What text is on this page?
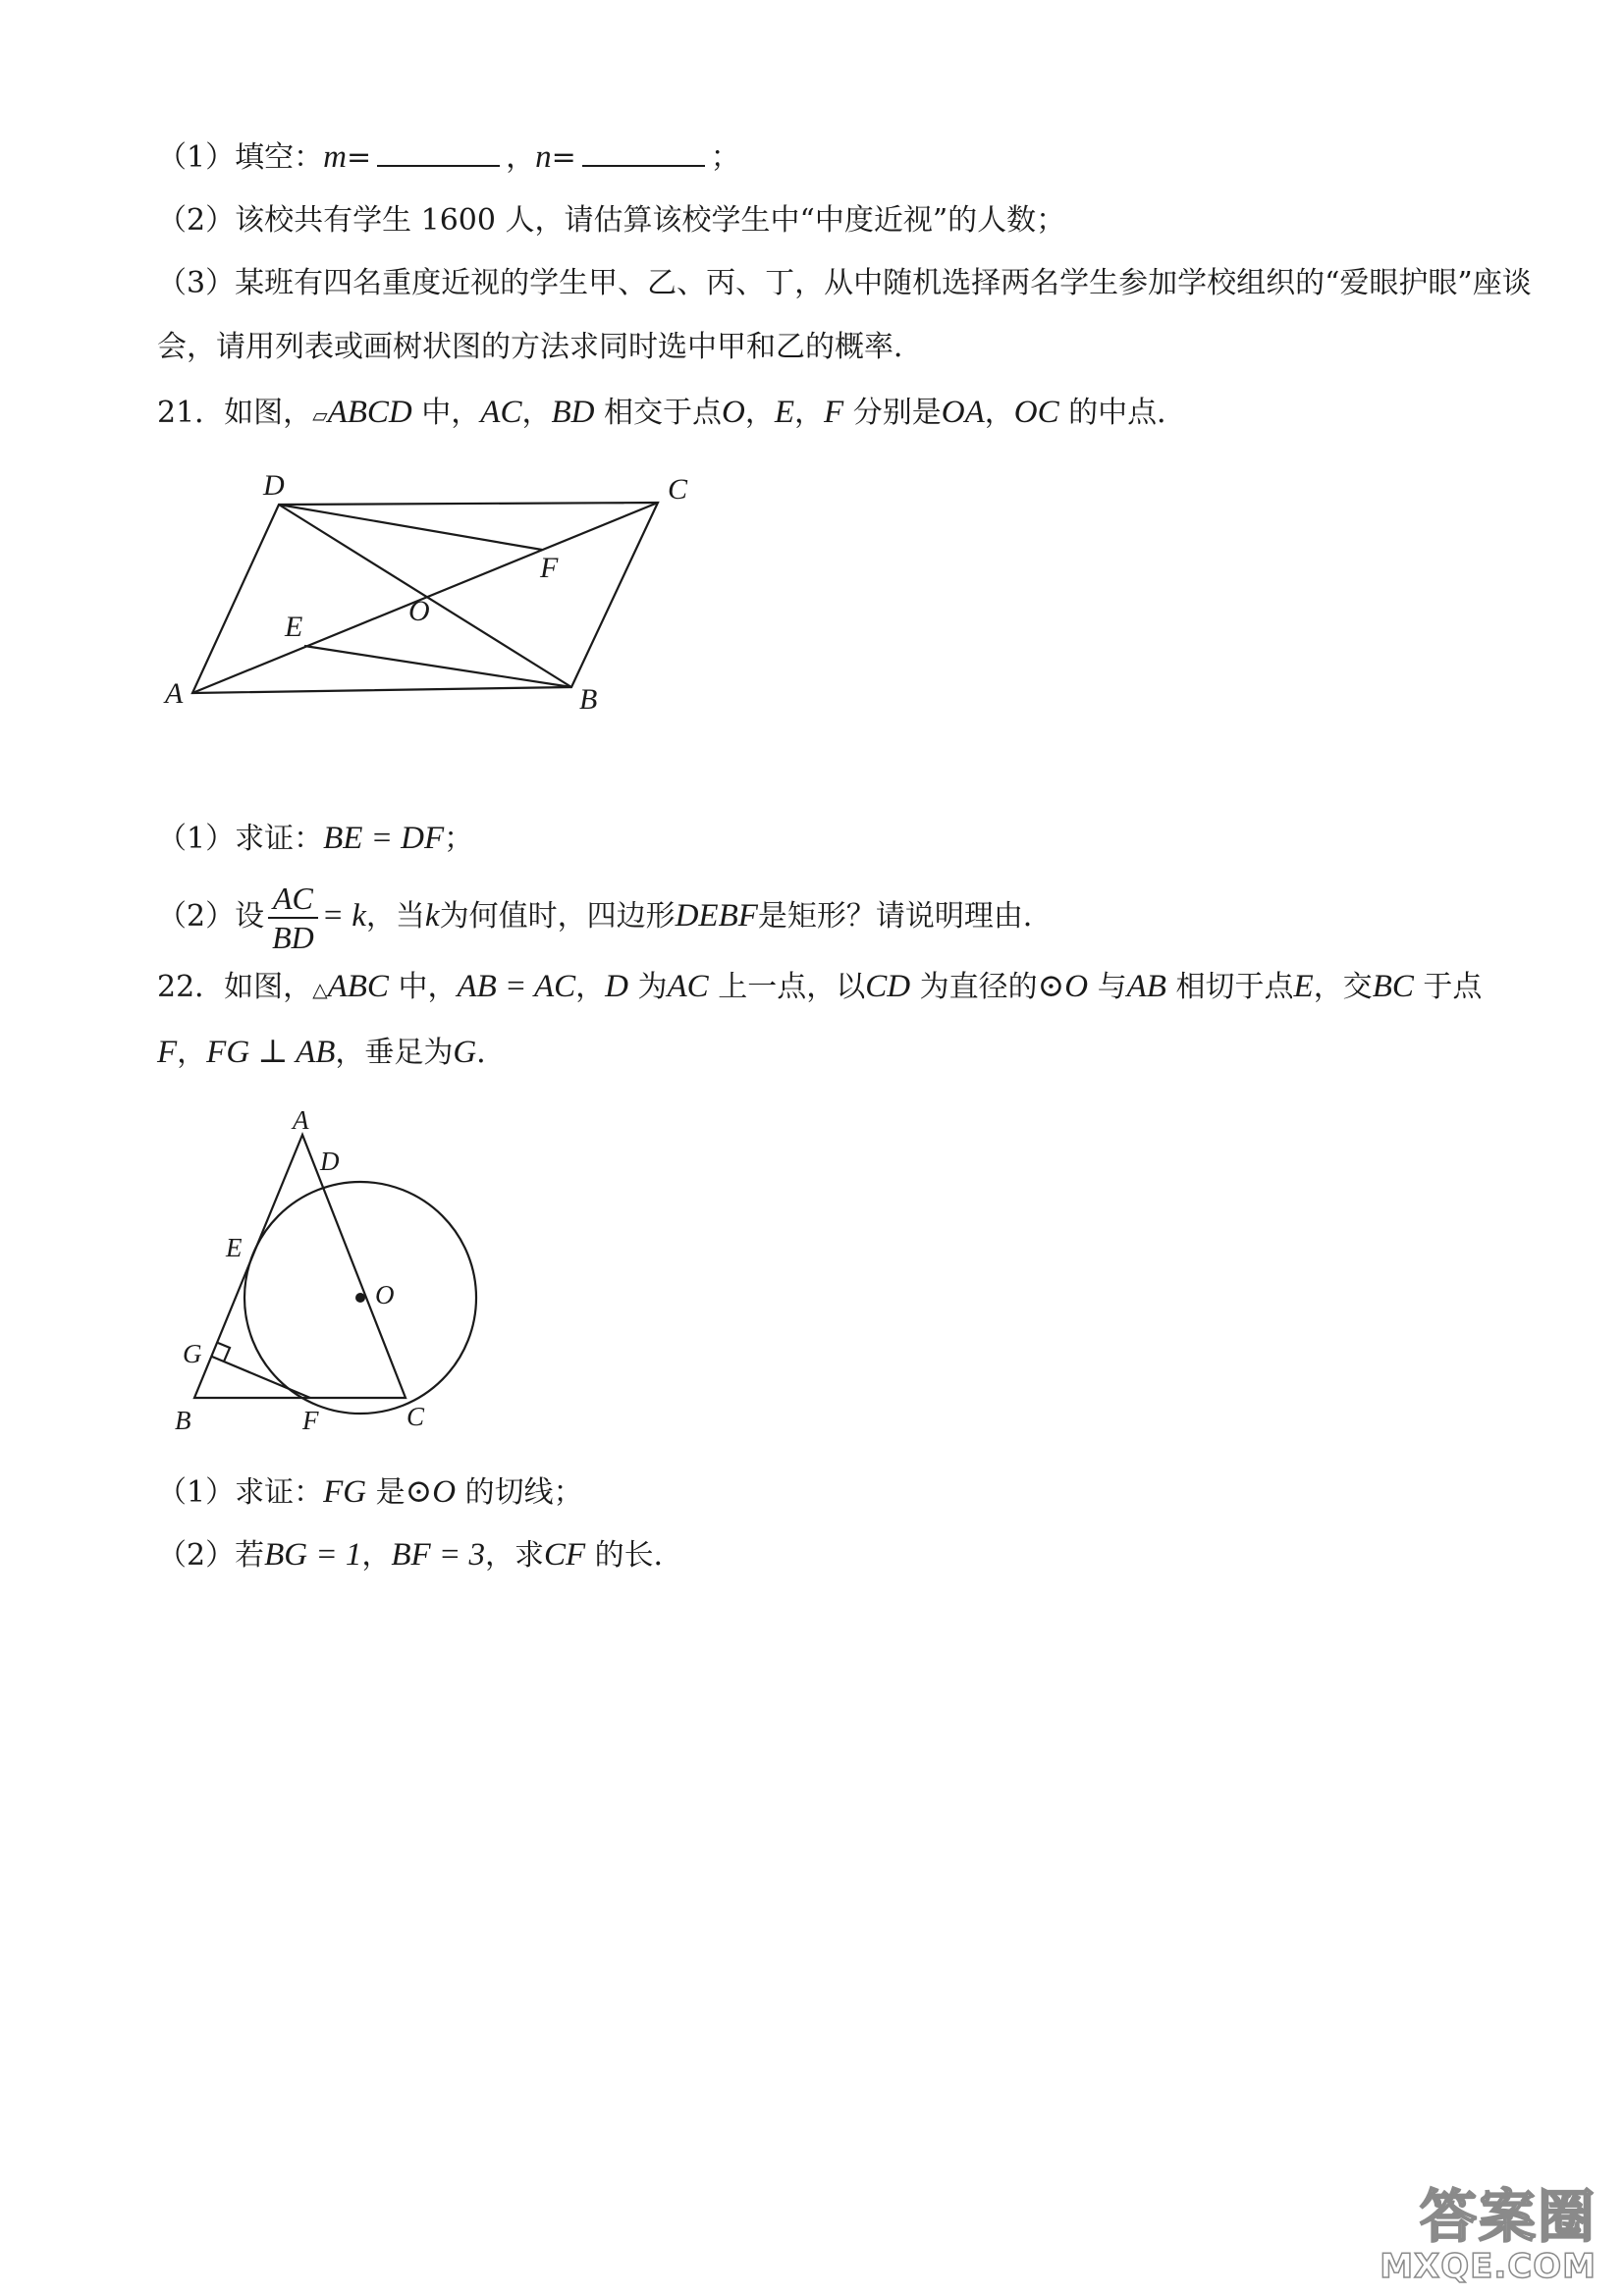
（1）填空：m=	，n=	；
（2）该校共有学生 1600 人，请估算该校学生中“中度近视”的人数；
（3）某班有四名重度近视的学生甲、乙、丙、丁，从中随机选择两名学生参加学校组织的“爱眼护眼”座谈
会，请用列表或画树状图的方法求同时选中甲和乙的概率．
21．如图，▱ABCD 中，AC，BD 相交于点O，E，F 分别是OA，OC 的中点．
A	B
C
D
E
F
O
（1）求证：BE = DF；
（2）设 $\frac{AC}{BD} = k$，当k为何值时，四边形DEBF是矩形？请说明理由．
22．如图，△ABC 中，AB = AC，D 为AC 上一点，以CD 为直径的⊙O 与AB 相切于点E，交BC 于点
F，FG ⊥ AB，垂足为G．
A
D
E
O
G
B	F	C
（1）求证：FG 是⊙O 的切线；
（2）若BG = 1，BF = 3，求CF 的长．
答案圈
MXQE.COM
